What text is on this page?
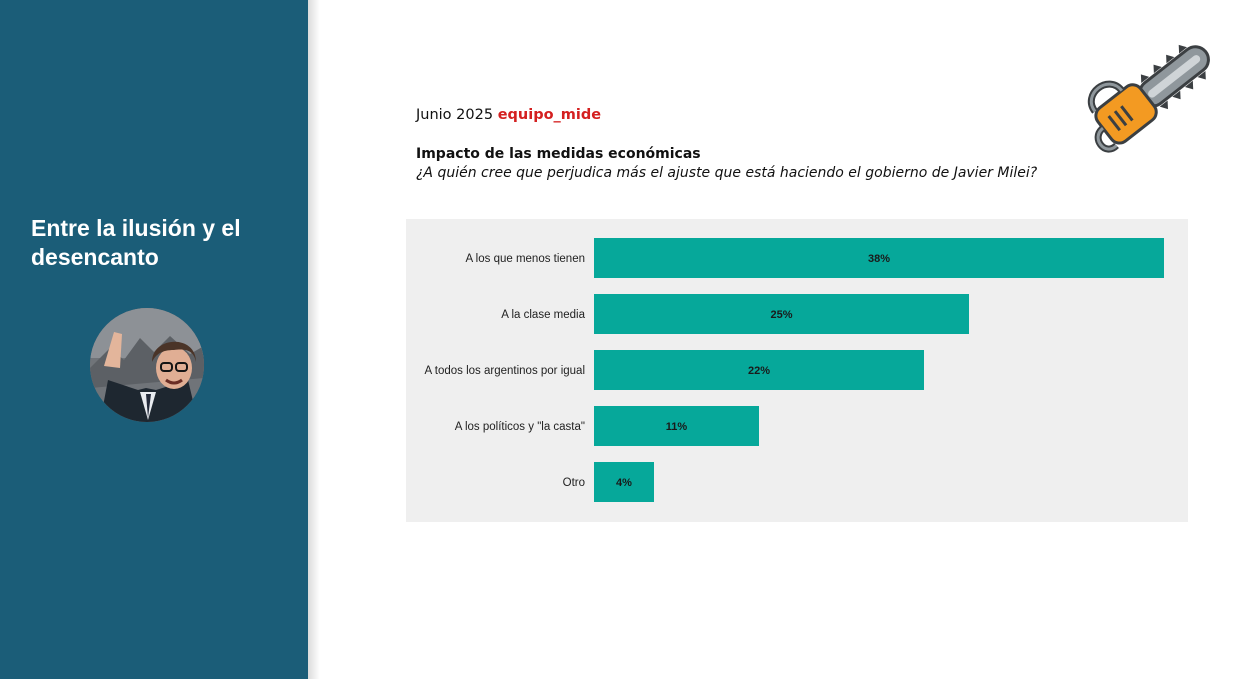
Entre la ilusión y el desencanto
Junio 2025 equipo_mide
Impacto de las medidas económicas
¿A quién cree que perjudica más el ajuste que está haciendo el gobierno de Javier Milei?
A los que menos tienen	38%
A la clase media	25%
A todos los argentinos por igual	22%
A los políticos y "la casta"	11%
Otro	4%
